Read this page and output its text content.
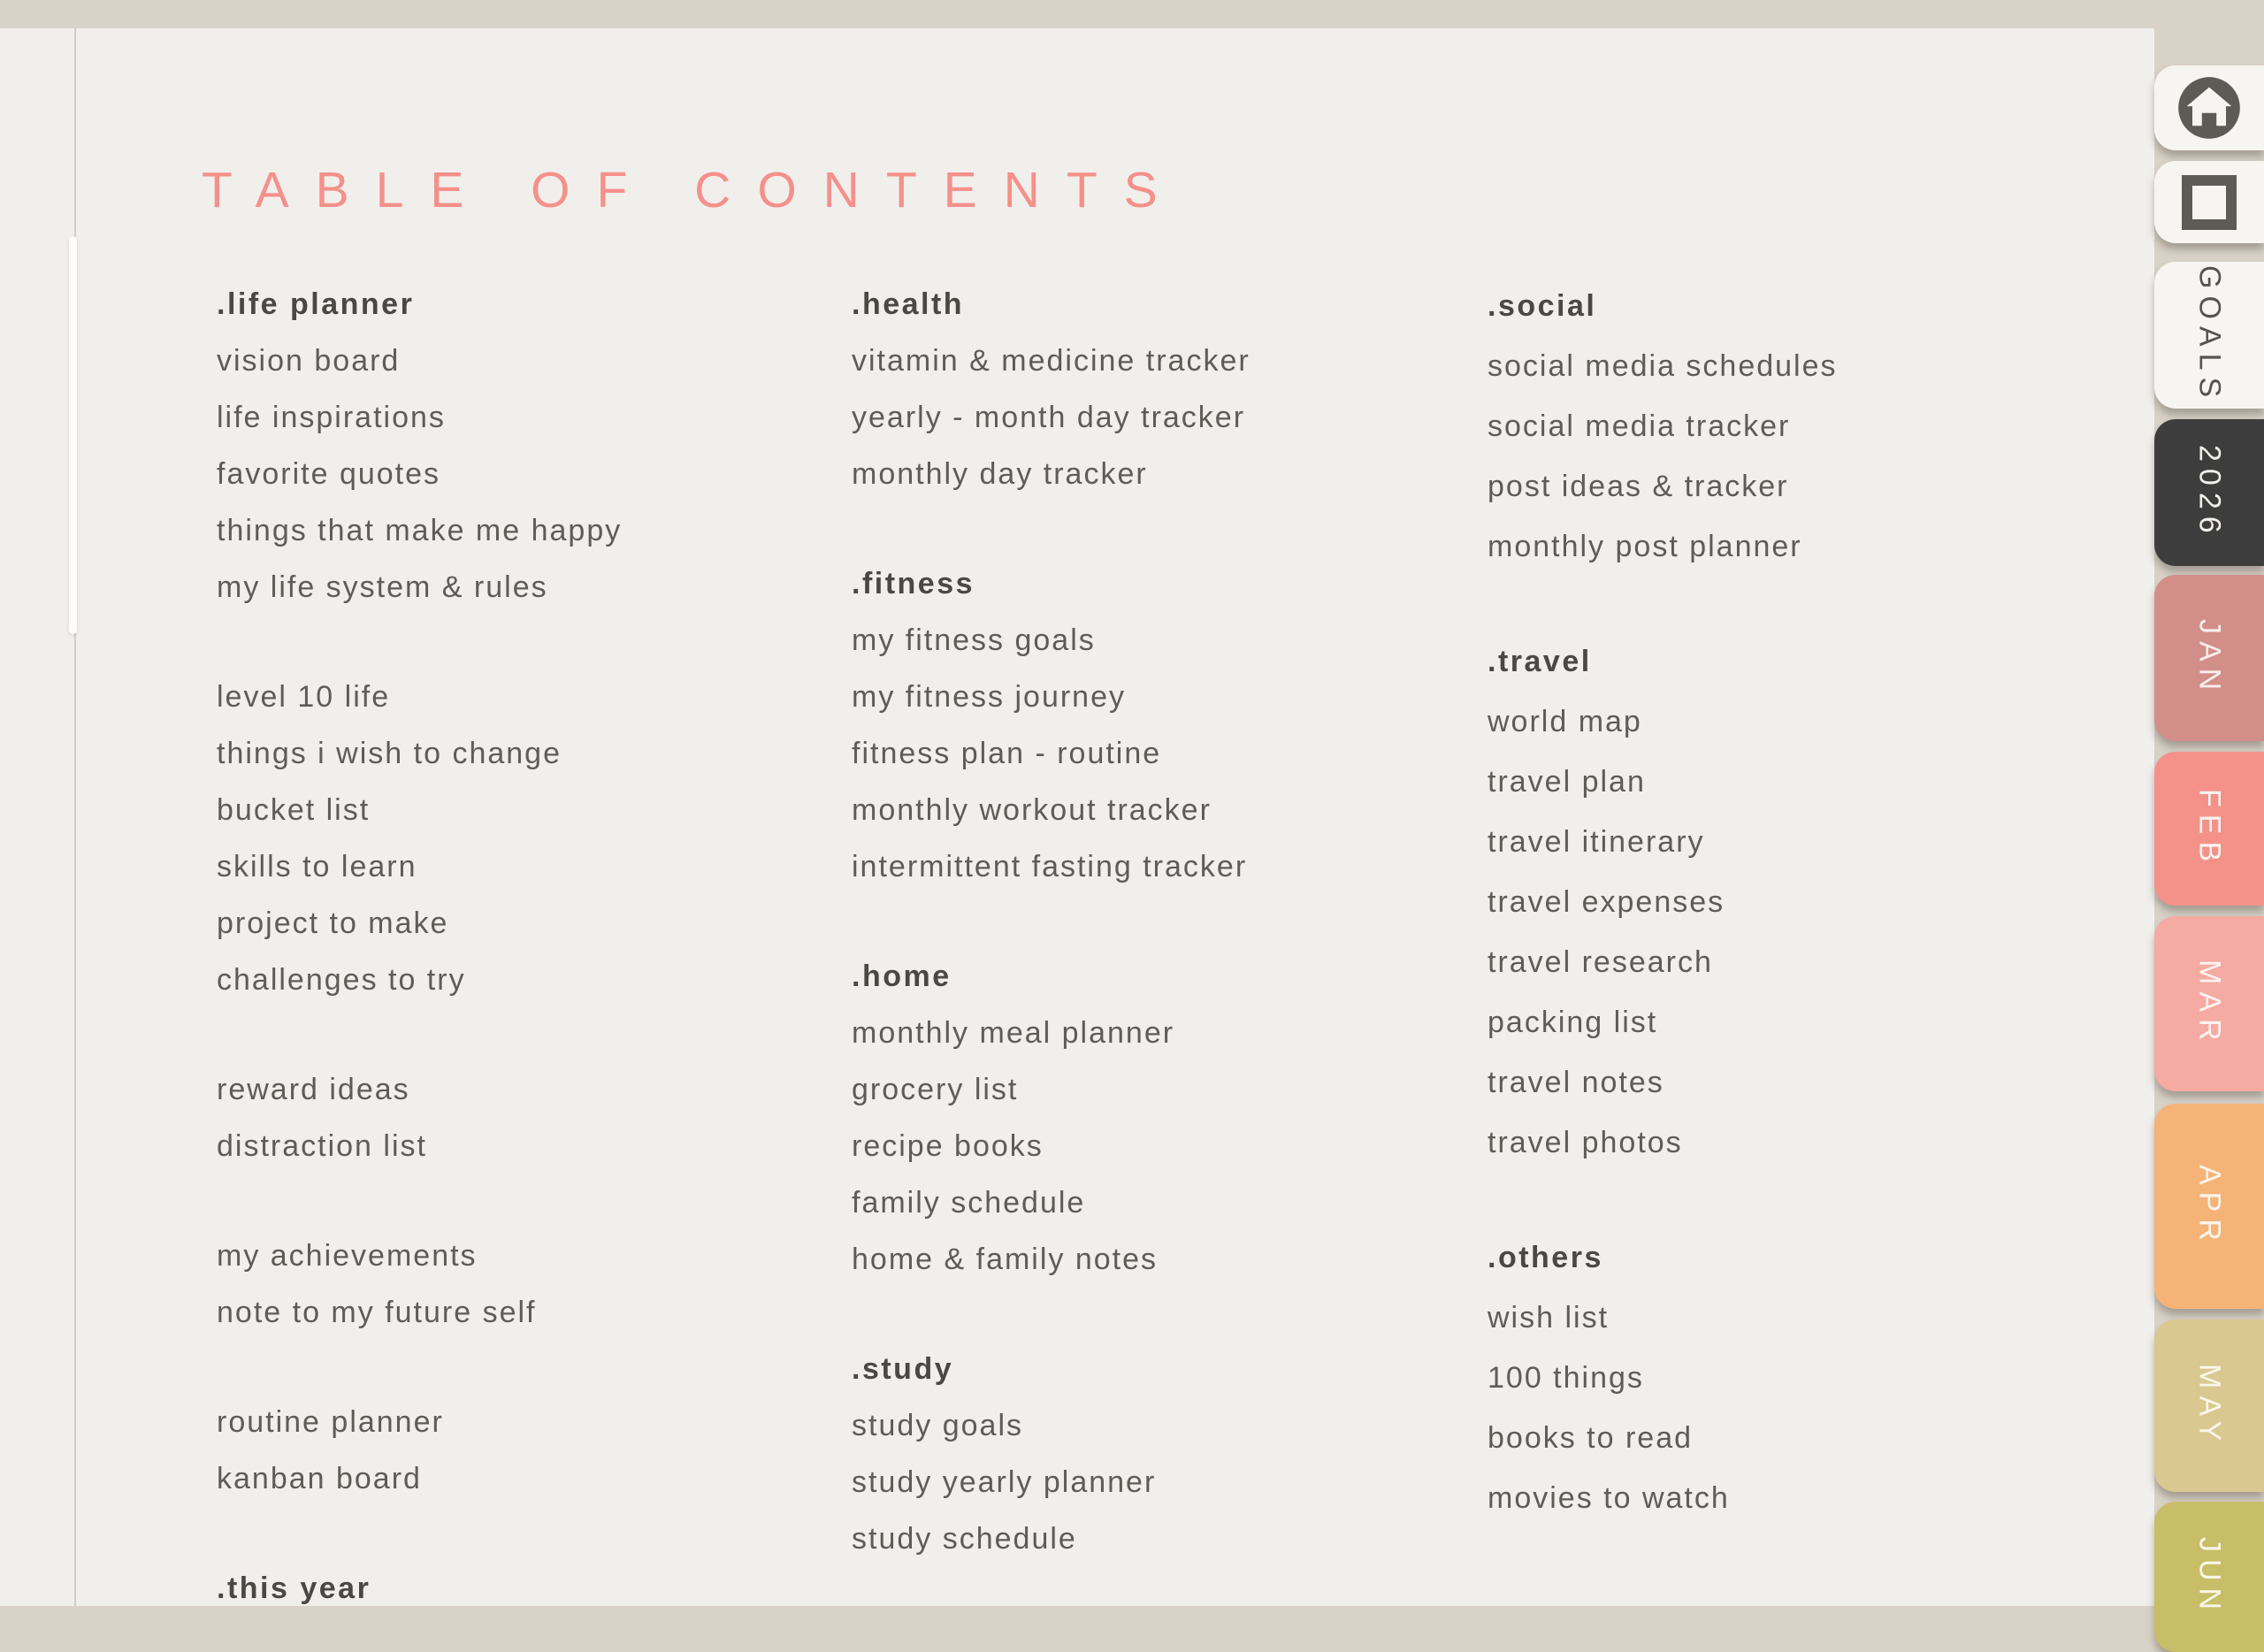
TABLE OF CONTENTS
.life planner
vision board
life inspirations
favorite quotes
things that make me happy
my life system & rules
level 10 life
things i wish to change
bucket list
skills to learn
project to make
challenges to try
reward ideas
distraction list
my achievements
note to my future self
routine planner
kanban board
.this year
.health
vitamin & medicine tracker
yearly - month day tracker
monthly day tracker
.fitness
my fitness goals
my fitness journey
fitness plan - routine
monthly workout tracker
intermittent fasting tracker
.home
monthly meal planner
grocery list
recipe books
family schedule
home & family notes
.study
study goals
study yearly planner
study schedule
.social
social media schedules
social media tracker
post ideas & tracker
monthly post planner
.travel
world map
travel plan
travel itinerary
travel expenses
travel research
packing list
travel notes
travel photos
.others
wish list
100 things
books to read
movies to watch
GOALS
2026
JAN
FEB
MAR
APR
MAY
JUN
